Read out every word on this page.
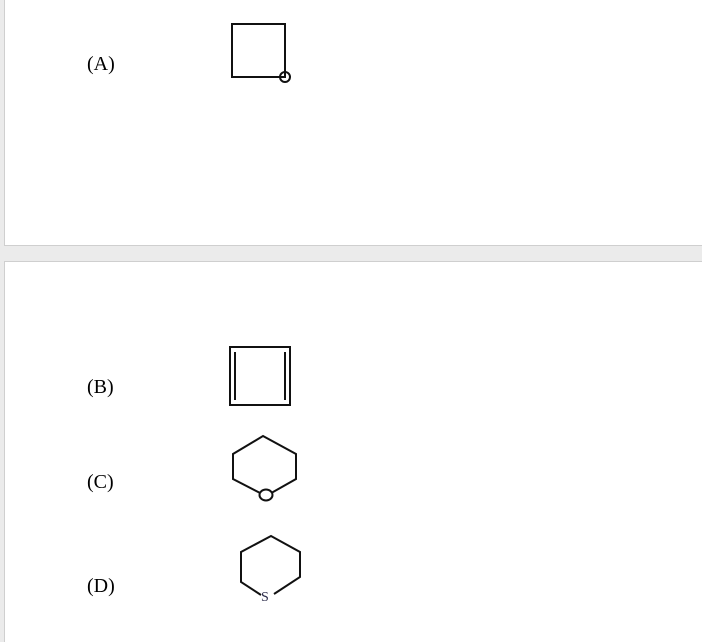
(A)
(B)
(C)
(D)
S
